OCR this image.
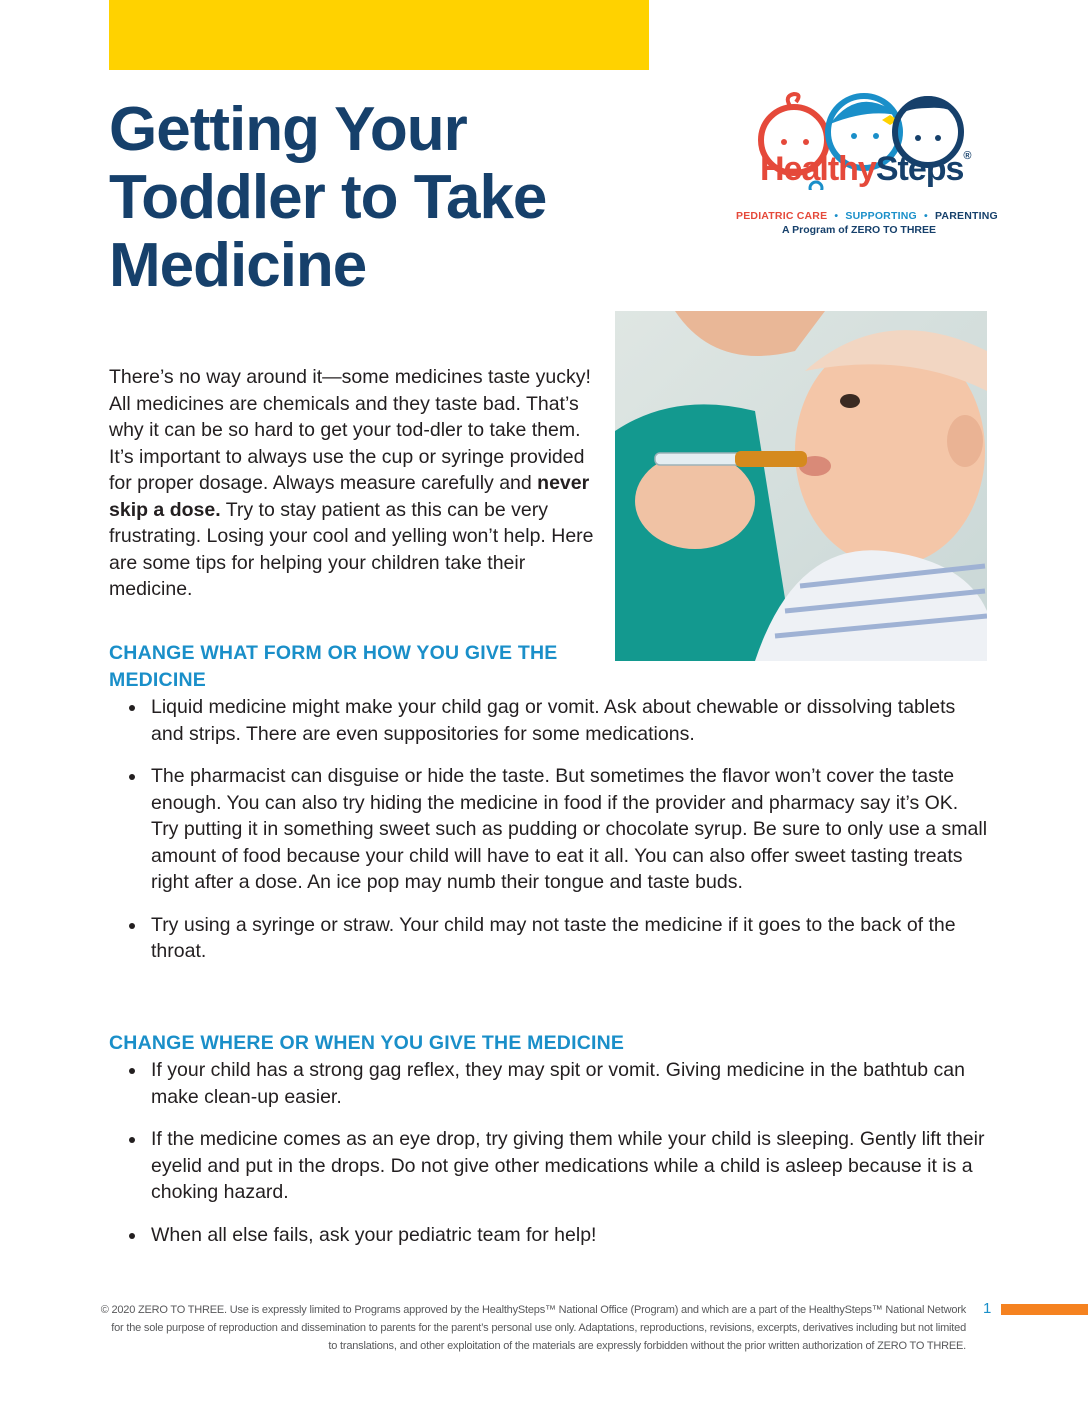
Getting Your
Toddler to Take
Medicine
HealthySteps®
PEDIATRIC CARE • SUPPORTING • PARENTING
A Program of ZERO TO THREE

There’s no way around it—some medicines taste yucky! All medicines are chemicals and they taste bad. That’s why it can be so hard to get your tod-dler to take them. It’s important to always use the cup or syringe provided for proper dosage. Always measure carefully and never skip a dose. Try to stay patient as this can be very frustrating. Losing your cool and yelling won’t help. Here are some tips for helping your children take their medicine.

CHANGE WHAT FORM OR HOW YOU GIVE THE MEDICINE
Liquid medicine might make your child gag or vomit. Ask about chewable or dissolving tablets and strips. There are even suppositories for some medications.
The pharmacist can disguise or hide the taste. But sometimes the flavor won’t cover the taste enough. You can also try hiding the medicine in food if the provider and pharmacy say it’s OK. Try putting it in something sweet such as pudding or chocolate syrup. Be sure to only use a small amount of food because your child will have to eat it all. You can also offer sweet tasting treats right after a dose. An ice pop may numb their tongue and taste buds.
Try using a syringe or straw. Your child may not taste the medicine if it goes to the back of the throat.
CHANGE WHERE OR WHEN YOU GIVE THE MEDICINE
If your child has a strong gag reflex, they may spit or vomit. Giving medicine in the bathtub can make clean-up easier.
If the medicine comes as an eye drop, try giving them while your child is sleeping. Gently lift their eyelid and put in the drops. Do not give other medications while a child is asleep because it is a choking hazard.
When all else fails, ask your pediatric team for help!

© 2020 ZERO TO THREE. Use is expressly limited to Programs approved by the HealthySteps™ National Office (Program) and which are a part of the HealthySteps™ National Network for the sole purpose of reproduction and dissemination to parents for the parent’s personal use only. Adaptations, reproductions, revisions, excerpts, derivatives including but not limited to translations, and other exploitation of the materials are expressly forbidden without the prior written authorization of ZERO TO THREE.

1
